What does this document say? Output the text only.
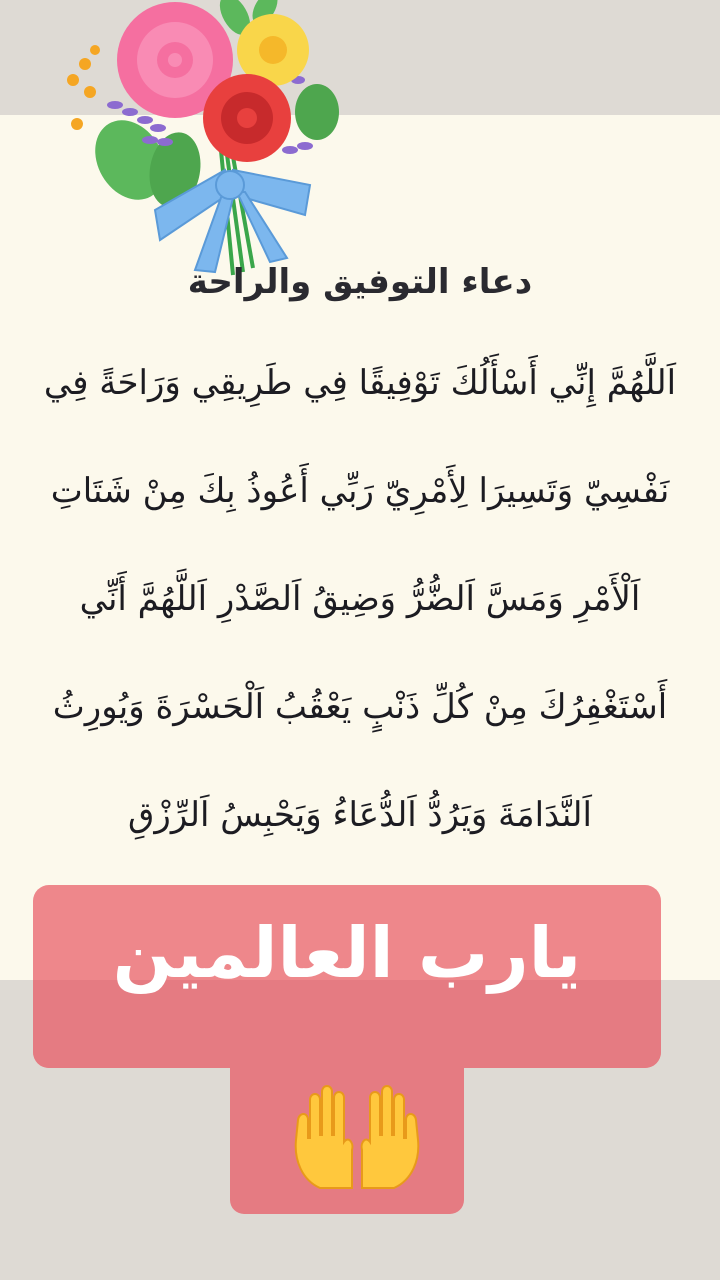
دعاء التوفيق والراحة
اَللَّهُمَّ إِنِّي أَسْأَلُكَ تَوْفِيقًا فِي طَرِيقِي وَرَاحَةً فِي
نَفْسِيّ وَتَسِيرَا لِأَمْرِيّ رَبِّي أَعُوذُ بِكَ مِنْ شَتَاتِ
اَلْأَمْرِ وَمَسَّ اَلضُّرُّ وَضِيقُ اَلصَّدْرِ اَللَّهُمَّ أَنِّي
أَسْتَغْفِرُكَ مِنْ كُلِّ ذَنْبٍ يَعْقُبُ اَلْحَسْرَةَ وَيُورِثُ
اَلنَّدَامَةَ وَيَرُدُّ اَلدُّعَاءُ وَيَحْبِسُ اَلرِّزْقِ
يارب العالمين
